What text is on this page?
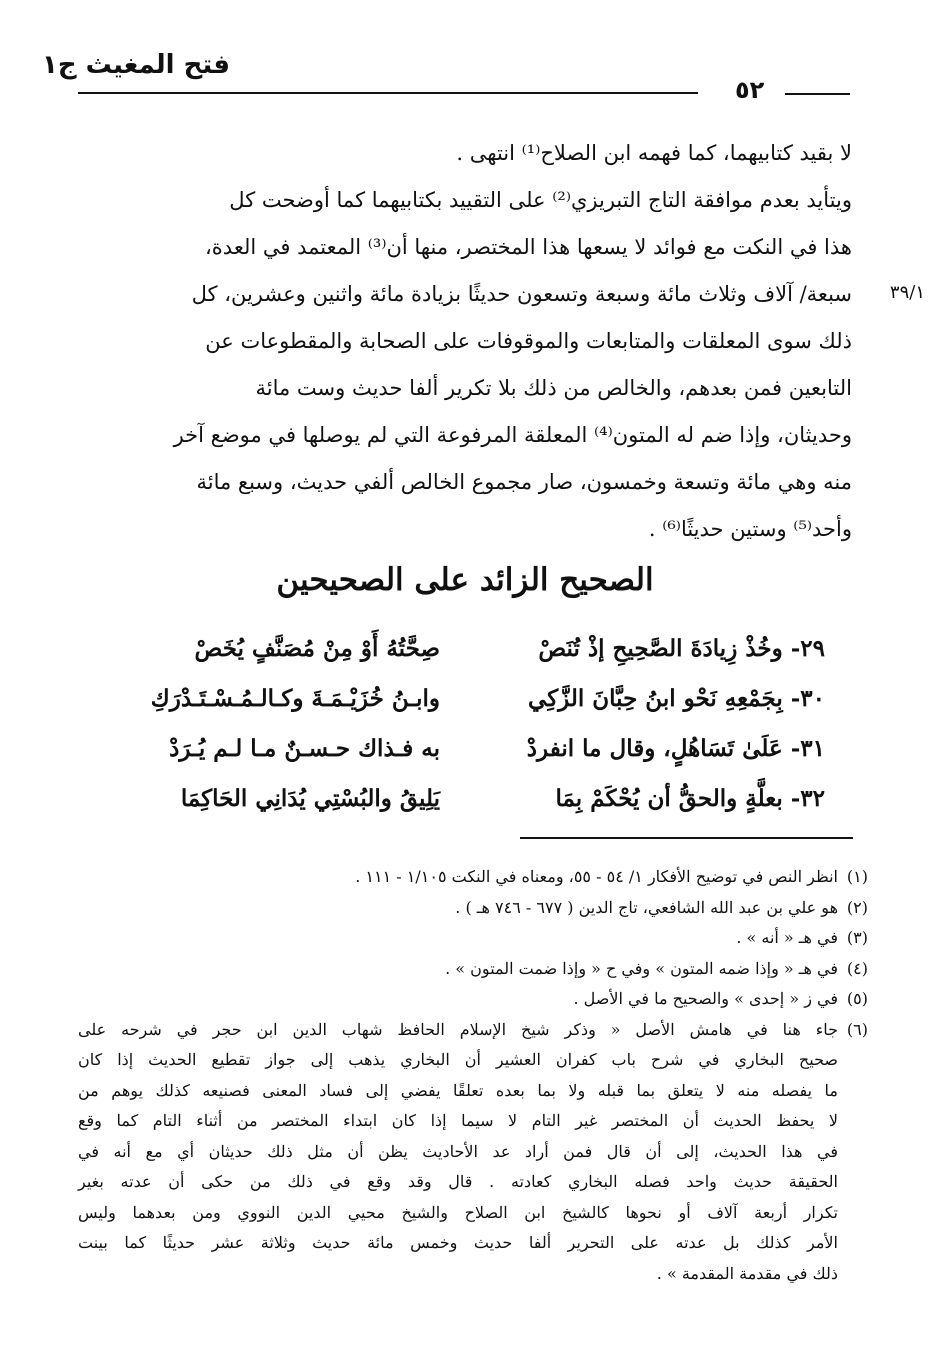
فتح المغيث ج١
٥٢
٣٩/١
لا بقيد كتابيهما، كما فهمه ابن الصلاح⁽¹⁾ انتهى .
ويتأيد بعدم موافقة التاج التبريزي⁽²⁾ على التقييد بكتابيهما كما أوضحت كل
هذا في النكت مع فوائد لا يسعها هذا المختصر، منها أن⁽³⁾ المعتمد في العدة،
سبعة/ آلاف وثلاث مائة وسبعة وتسعون حديثًا بزيادة مائة واثنين وعشرين، كل
ذلك سوى المعلقات والمتابعات والموقوفات على الصحابة والمقطوعات عن
التابعين فمن بعدهم، والخالص من ذلك بلا تكرير ألفا حديث وست مائة
وحديثان، وإذا ضم له المتون⁽⁴⁾ المعلقة المرفوعة التي لم يوصلها في موضع آخر
منه وهي مائة وتسعة وخمسون، صار مجموع الخالص ألفي حديث، وسبع مائة
وأحد⁽⁵⁾ وستين حديثًا⁽⁶⁾ .
الصحيح الزائد على الصحيحين
٢٩-وخُذْ زِيادَةَ الصَّحِيحِ إذْ تُنَصْ
صِحَّتُهُ أَوْ مِنْ مُصَنَّفٍ يُخَصْ
٣٠-بِجَمْعِهِ نَحْو ابنُ حِبَّانَ الزَّكِي
وابـنُ خُزَيْـمَـةَ وكـالـمُـسْـتَـدْرَكِ
٣١-عَلَىٰ تَسَاهُلٍ، وقال ما انفردْ
به فـذاك حـسـنٌ مـا لـم يُـرَدْ
٣٢-بعلَّةٍ والحقُّ أن يُحْكَمْ بِمَا
يَلِيقُ والبُسْتِي يُدَانِي الحَاكِمَا
(١)انظر النص في توضيح الأفكار ١/ ٥٤ - ٥٥، ومعناه في النكت ١/١٠٥ - ١١١ .
(٢)هو علي بن عبد الله الشافعي، تاج الدين ( ٦٧٧ - ٧٤٦ هـ ) .
(٣)في هـ « أنه » .
(٤)في هـ « وإذا ضمه المتون » وفي ح « وإذا ضمت المتون » .
(٥)في ز « إحدى » والصحيح ما في الأصل .
(٦)جاء هنا في هامش الأصل « وذكر شيخ الإسلام الحافظ شهاب الدين ابن حجر في شرحه على
صحيح البخاري في شرح باب كفران العشير أن البخاري يذهب إلى جواز تقطيع الحديث إذا كان
ما يفصله منه لا يتعلق بما قبله ولا بما بعده تعلقًا يفضي إلى فساد المعنى فصنيعه كذلك يوهم من
لا يحفظ الحديث أن المختصر غير التام لا سيما إذا كان ابتداء المختصر من أثناء التام كما وقع
في هذا الحديث، إلى أن قال فمن أراد عد الأحاديث يظن أن مثل ذلك حديثان أي مع أنه في
الحقيقة حديث واحد فصله البخاري كعادته . قال وقد وقع في ذلك من حكى أن عدته بغير
تكرار أربعة آلاف أو نحوها كالشيخ ابن الصلاح والشيخ محيي الدين النووي ومن بعدهما وليس
الأمر كذلك بل عدته على التحرير ألفا حديث وخمس مائة حديث وثلاثة عشر حديثًا كما بينت
ذلك في مقدمة المقدمة » .
